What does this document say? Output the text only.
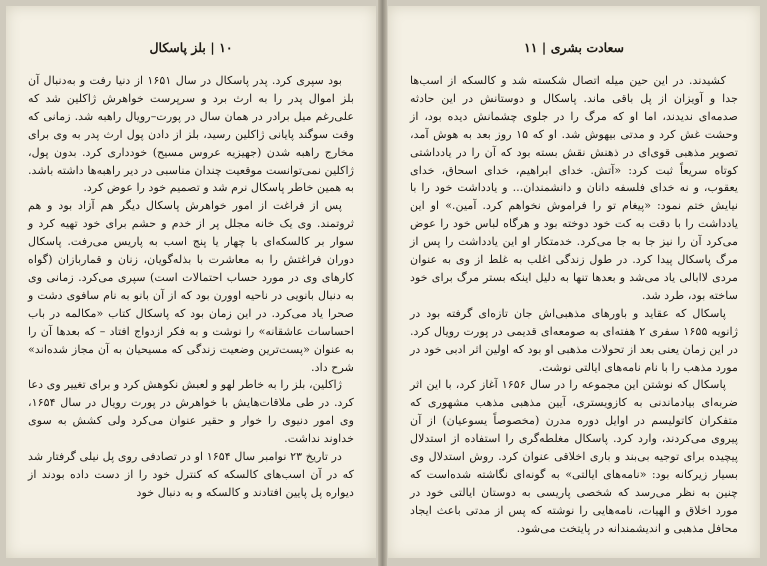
۱۰ | بلز پاسکال

بود سپری کرد. پدر پاسکال در سال ۱۶۵۱ از دنیا رفت و به‌دنبال آن بلز اموال پدر را به ارث برد و سرپرست خواهرش ژاکلین شد که علی‌رغم میل برادر در همان سال در پورت–رویال راهبه شد. زمانی که وقت سوگند پایانی ژاکلین رسید، بلز از دادن پول ارث پدر به وی برای مخارج راهبه شدن (جهیزیه عروس مسیح) خودداری کرد. بدون پول، ژاکلین نمی‌توانست موقعیت چندان مناسبی در دیر راهبه‌ها داشته باشد. به همین خاطر پاسکال نرم شد و تصمیم خود را عوض کرد.

پس از فراغت از امور خواهرش پاسکال دیگر هم آزاد بود و هم ثروتمند. وی یک خانه مجلل پر از خدم و حشم برای خود تهیه کرد و سوار بر کالسکه‌ای با چهار یا پنج اسب به پاریس می‌رفت. پاسکال دوران فراغتش را به معاشرت با بذله‌گویان، زنان و قماربازان (گواه کارهای وی در مورد حساب احتمالات است) سپری می‌کرد. زمانی وی به دنبال بانویی در ناحیه اوورن بود که از آن بانو به نام سافوی دشت و صحرا یاد می‌کرد. در این زمان بود که پاسکال کتاب «مکالمه در باب احساسات عاشقانه» را نوشت و به فکر ازدواج افتاد – که بعدها آن را به عنوان «پست‌ترین وضعیت زندگی که مسیحیان به آن مجاز شده‌اند» شرح داد.

ژاکلین، بلز را به خاطر لهو و لعبش نکوهش کرد و برای تغییر وی دعا کرد. در طی ملاقات‌هایش با خواهرش در پورت رویال در سال ۱۶۵۴، وی امور دنیوی را خوار و حقیر عنوان می‌کرد ولی کشش به سوی خداوند نداشت.

در تاریخ ۲۳ نوامبر سال ۱۶۵۴ او در تصادفی روی پل نیلی گرفتار شد که در آن اسب‌های کالسکه که کنترل خود را از دست داده بودند از دیواره پل پایین افتادند و کالسکه و به دنبال خود

سعادت بشری | ۱۱

کشیدند. در این حین میله اتصال شکسته شد و کالسکه از اسب‌ها جدا و آویزان از پل باقی ماند. پاسکال و دوستانش در این حادثه صدمه‌ای ندیدند، اما او که مرگ را در جلوی چشمانش دیده بود، از وحشت غش کرد و مدتی بیهوش شد. او که ۱۵ روز بعد به هوش آمد، تصویر مذهبی قوی‌ای در ذهنش نقش بسته بود که آن را در یادداشتی کوتاه سریعاً ثبت کرد: «آتش. خدای ابراهیم، خدای اسحاق، خدای یعقوب، و نه خدای فلسفه دانان و دانشمندان... و یادداشت خود را با نیایش ختم نمود: «پیغام تو را فراموش نخواهم کرد. آمین.» او این یادداشت را با دقت به کت خود دوخته بود و هرگاه لباس خود را عوض می‌کرد آن را نیز جا به جا می‌کرد. خدمتکار او این یادداشت را پس از مرگ پاسکال پیدا کرد. در طول زندگی اغلب به غلط از وی به عنوان مردی لاابالی یاد می‌شد و بعدها تنها به دلیل اینکه بستر مرگ برای خود ساخته بود، طرد شد.

پاسکال که عقاید و باورهای مذهبی‌اش جان تازه‌ای گرفته بود در ژانویه ۱۶۵۵ سفری ۲ هفته‌ای به صومعه‌ای قدیمی در پورت رویال کرد. در این زمان یعنی بعد از تحولات مذهبی او بود که اولین اثر ادبی خود در مورد مذهب را با نام نامه‌های ایالتی نوشت.

پاسکال که نوشتن این مجموعه را در سال ۱۶۵۶ آغاز کرد، با این اثر ضربه‌ای بیادماندنی به کازویستری، آیین مذهبی مذهب مشهوری که متفکران کاتولیسم در اوایل دوره مدرن (مخصوصاً یسوعیان) از آن پیروی می‌کردند، وارد کرد. پاسکال مغلطه‌گری را استفاده از استدلال پیچیده برای توجیه بی‌بند و باری اخلاقی عنوان کرد. روش استدلال وی بسیار زیرکانه بود: «نامه‌های ایالتی» به گونه‌ای نگاشته شده‌است که چنین به نظر می‌رسد که شخصی پاریسی به دوستان ایالتی خود در مورد اخلاق و الهیات، نامه‌هایی را نوشته که پس از مدتی باعث ایجاد محافل مذهبی و اندیشمندانه در پایتخت می‌شود.
